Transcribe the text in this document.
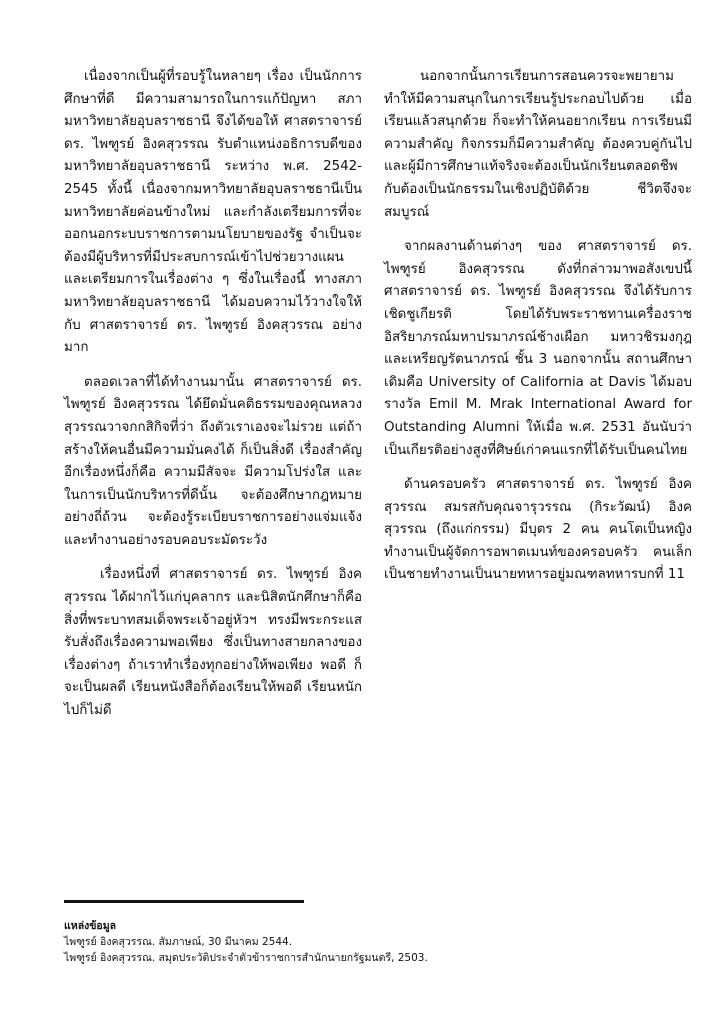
เนื่องจากเป็นผู้ที่รอบรู้ในหลายๆ เรื่อง เป็นนักการศึกษาที่ดี มีความสามารถในการแก้ปัญหา สภามหาวิทยาลัยอุบลราชธานี จึงได้ขอให้ ศาสตราจารย์ ดร. ไพฑูรย์ อิงคสุวรรณ รับตำแหน่งอธิการบดีของมหาวิทยาลัยอุบลราชธานี ระหว่าง พ.ศ. 2542-2545 ทั้งนี้ เนื่องจากมหาวิทยาลัยอุบลราชธานีเป็นมหาวิทยาลัยค่อนข้างใหม่ และกำลังเตรียมการที่จะออกนอกระบบราชการตามนโยบายของรัฐ จำเป็นจะต้องมีผู้บริหารที่มีประสบการณ์เข้าไปช่วยวางแผนและเตรียมการในเรื่องต่าง ๆ ซึ่งในเรื่องนี้ ทางสภามหาวิทยาลัยอุบลราชธานี ได้มอบความไว้วางใจให้กับ ศาสตราจารย์ ดร. ไพฑูรย์ อิงคสุวรรณ อย่างมาก

ตลอดเวลาที่ได้ทำงานมานั้น ศาสตราจารย์ ดร. ไพฑูรย์ อิงคสุวรรณ ได้ยึดมั่นคติธรรมของคุณหลวงสุวรรณวาจกกสิกิจที่ว่า ถึงตัวเราเองจะไม่รวย แต่ถ้าสร้างให้คนอื่นมีความมั่นคงได้ ก็เป็นสิ่งดี เรื่องสำคัญอีกเรื่องหนึ่งก็คือ ความมีสัจจะ มีความโปร่งใส และในการเป็นนักบริหารที่ดีนั้น จะต้องศึกษากฎหมายอย่างถี่ถ้วน จะต้องรู้ระเบียบราชการอย่างแจ่มแจ้ง และทำงานอย่างรอบคอบระมัดระวัง

เรื่องหนึ่งที่ ศาสตราจารย์ ดร. ไพฑูรย์ อิงคสุวรรณ ได้ฝากไว้แก่บุคลากร และนิสิตนักศึกษาก็คือ สิ่งที่พระบาทสมเด็จพระเจ้าอยู่หัวฯ ทรงมีพระกระแสรับสั่งถึงเรื่องความพอเพียง ซึ่งเป็นทางสายกลางของเรื่องต่างๆ ถ้าเราทำเรื่องทุกอย่างให้พอเพียง พอดี ก็จะเป็นผลดี เรียนหนังสือก็ต้องเรียนให้พอดี เรียนหนักไปก็ไม่ดี

นอกจากนั้นการเรียนการสอนควรจะพยายามทำให้มีความสนุกในการเรียนรู้ประกอบไปด้วย เมื่อเรียนแล้วสนุกด้วย ก็จะทำให้คนอยากเรียน การเรียนมีความสำคัญ กิจกรรมก็มีความสำคัญ ต้องควบคู่กันไป และผู้มีการศึกษาแท้จริงจะต้องเป็นนักเรียนตลอดชีพ กับต้องเป็นนักธรรมในเชิงปฏิบัติด้วย ชีวิตจึงจะสมบูรณ์

จากผลงานด้านต่างๆ ของ ศาสตราจารย์ ดร. ไพฑูรย์ อิงคสุวรรณ ดังที่กล่าวมาพอสังเขปนี้ ศาสตราจารย์ ดร. ไพฑูรย์ อิงคสุวรรณ จึงได้รับการเชิดชูเกียรติ โดยได้รับพระราชทานเครื่องราชอิสริยาภรณ์มหาปรมาภรณ์ช้างเผือก มหาวชิรมงกุฎ และเหรียญรัตนาภรณ์ ชั้น 3 นอกจากนั้น สถานศึกษาเดิมคือ University of California at Davis ได้มอบรางวัล Emil M. Mrak International Award for Outstanding Alumni ให้เมื่อ พ.ศ. 2531 อันนับว่าเป็นเกียรติอย่างสูงที่ศิษย์เก่าคนแรกที่ได้รับเป็นคนไทย

ด้านครอบครัว ศาสตราจารย์ ดร. ไพฑูรย์ อิงคสุวรรณ สมรสกับคุณจารุวรรณ (กิระวัฒน์) อิงคสุวรรณ (ถึงแก่กรรม) มีบุตร 2 คน คนโตเป็นหญิง ทำงานเป็นผู้จัดการอพาตเมนท์ของครอบครัว คนเล็กเป็นชายทำงานเป็นนายทหารอยู่มณฑลทหารบกที่ 11

แหล่งข้อมูล
ไพฑูรย์ อิงคสุวรรณ. สัมภาษณ์, 30 มีนาคม 2544.
ไพฑูรย์ อิงคสุวรรณ. สมุดประวัติประจำตัวข้าราชการสำนักนายกรัฐมนตรี, 2503.
